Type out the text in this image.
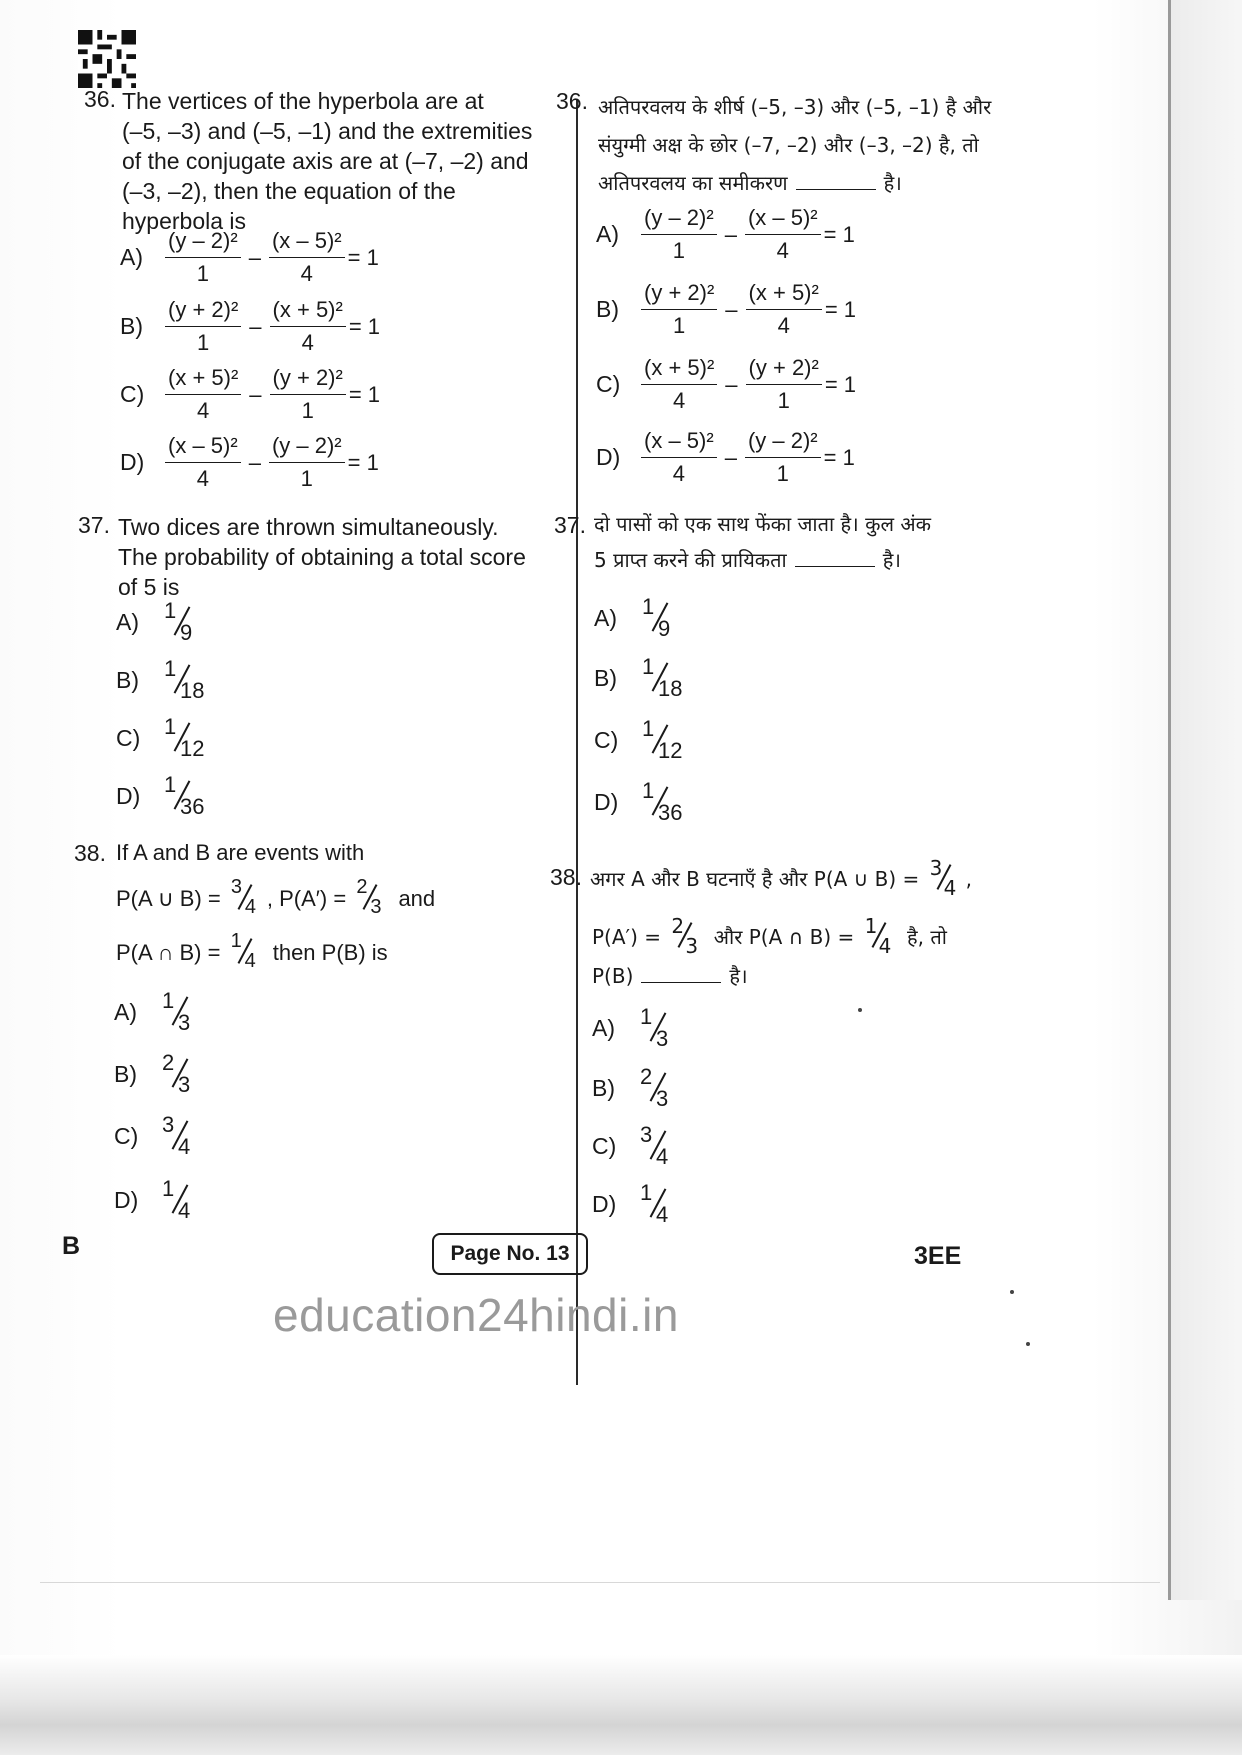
36. The vertices of the hyperbola are at
(–5, –3) and (–5, –1) and the extremities
of the conjugate axis are at (–7, –2) and
(–3, –2), then the equation of the
hyperbola is
A)	$\frac{\text{(y – 2)²}}{1} - \frac{\text{(x – 5)²}}{4} = 1$
B)	$\frac{\text{(y + 2)²}}{1} - \frac{\text{(x + 5)²}}{4} = 1$
$C) \frac{\text{(x + 5)²}}{4} - \frac{\text{(y + 2)²}}{1} = 1$
$D) \frac{\text{(x – 5)²}}{4} - \frac{\text{(y – 2)²}}{1} = 1$
37. Two dices are thrown simultaneously.
The probability of obtaining a total score
of 5 is
A)	1
9
B)	1
18
C)	1
12
D)	1
36
38. If A and B are events with
P(A ∪ B) = 3
4 , P(A′) = 2
3 and
P(A ∩ B) = 1
4 then P(B) is
A)	1
3
B)	2
3
C)	3
4
D)	1
4
36. अतिपरवलय के शीर्ष (–5, –3) और (–5, –1) है और संयुग्मी अक्ष के छोर (–7, –2) और (–3, –2) है, तो अतिपरवलय का समीकरण	है।
A)	$\frac{\text{(y – 2)²}}{1} - \frac{\text{(x – 5)²}}{4} = 1$
B)	$\frac{\text{(y + 2)²}}{1} - \frac{\text{(x + 5)²}}{4} = 1$
$C) \frac{\text{(x + 5)²}}{4} - \frac{\text{(y + 2)²}}{1} = 1$
$D) \frac{\text{(x – 5)²}}{4} - \frac{\text{(y – 2)²}}{1} = 1$
37. दो पासों को एक साथ फेंका जाता है। कुल अंक
5 प्राप्त करने की प्रायिकता	है।
A)	1
9
B)	1
18
C)	1
12
D)	1
36
38. अगर A और B घटनाएँ है और P(A ∪ B) = 3
4 ,
P(A′) = 2
3 और P(A ∩ B) = 1
4 है, तो
P(B)	है।
A)	1
3
B)	2
3
C)	3
4
D)	1
4
B	Page No. 13	3EE
education24hindi.in
